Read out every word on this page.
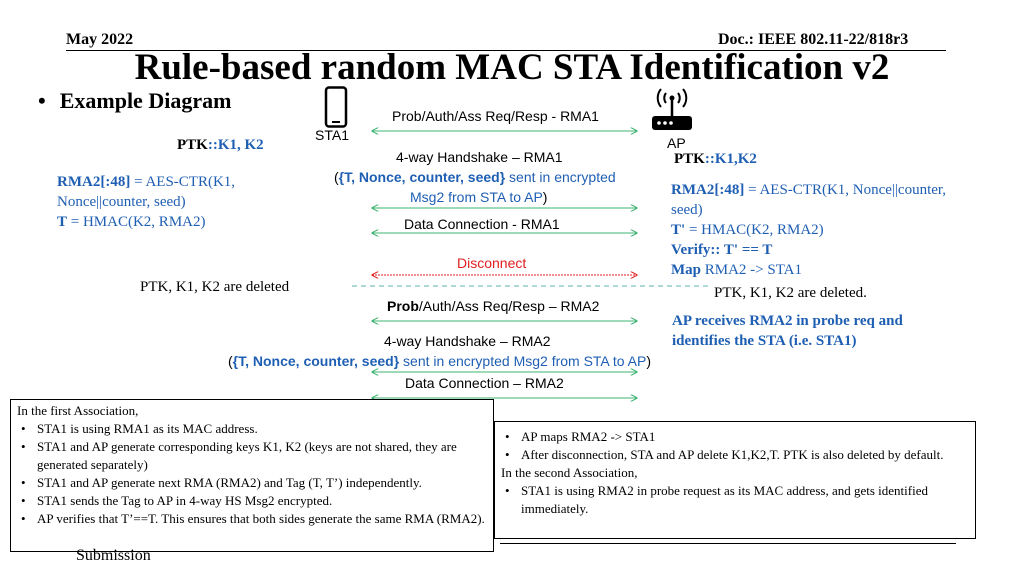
May 2022	Doc.: IEEE 802.11-22/818r3
Rule-based random MAC STA Identification v2
• Example Diagram
STA1	AP
Prob/Auth/Ass Req/Resp - RMA1
4-way Handshake – RMA1
({T, Nonce, counter, seed} sent in encrypted
Msg2 from STA to AP)
Data Connection - RMA1
Disconnect
Prob/Auth/Ass Req/Resp – RMA2
4-way Handshake – RMA2
({T, Nonce, counter, seed} sent in encrypted Msg2 from STA to AP)
Data Connection – RMA2
PTK::K1, K2
RMA2[:48] = AES-CTR(K1,
Nonce||counter, seed)
T = HMAC(K2, RMA2)
PTK, K1, K2 are deleted
PTK::K1,K2
RMA2[:48] = AES-CTR(K1, Nonce||counter,
seed)
T' = HMAC(K2, RMA2)
Verify:: T' == T
Map RMA2 -> STA1
PTK, K1, K2 are deleted.
AP receives RMA2 in probe req and
identifies the STA (i.e. STA1)
In the first Association,
• STA1 is using RMA1 as its MAC address.
• STA1 and AP generate corresponding keys K1, K2 (keys are not shared, they are generated separately)
• STA1 and AP generate next RMA (RMA2) and Tag (T, T’) independently.
• STA1 sends the Tag to AP in 4-way HS Msg2 encrypted.
• AP verifies that T’==T. This ensures that both sides generate the same RMA (RMA2).
• AP maps RMA2 -> STA1
• After disconnection, STA and AP delete K1,K2,T. PTK is also deleted by default.
In the second Association,
• STA1 is using RMA2 in probe request as its MAC address, and gets identified immediately.
Submission
